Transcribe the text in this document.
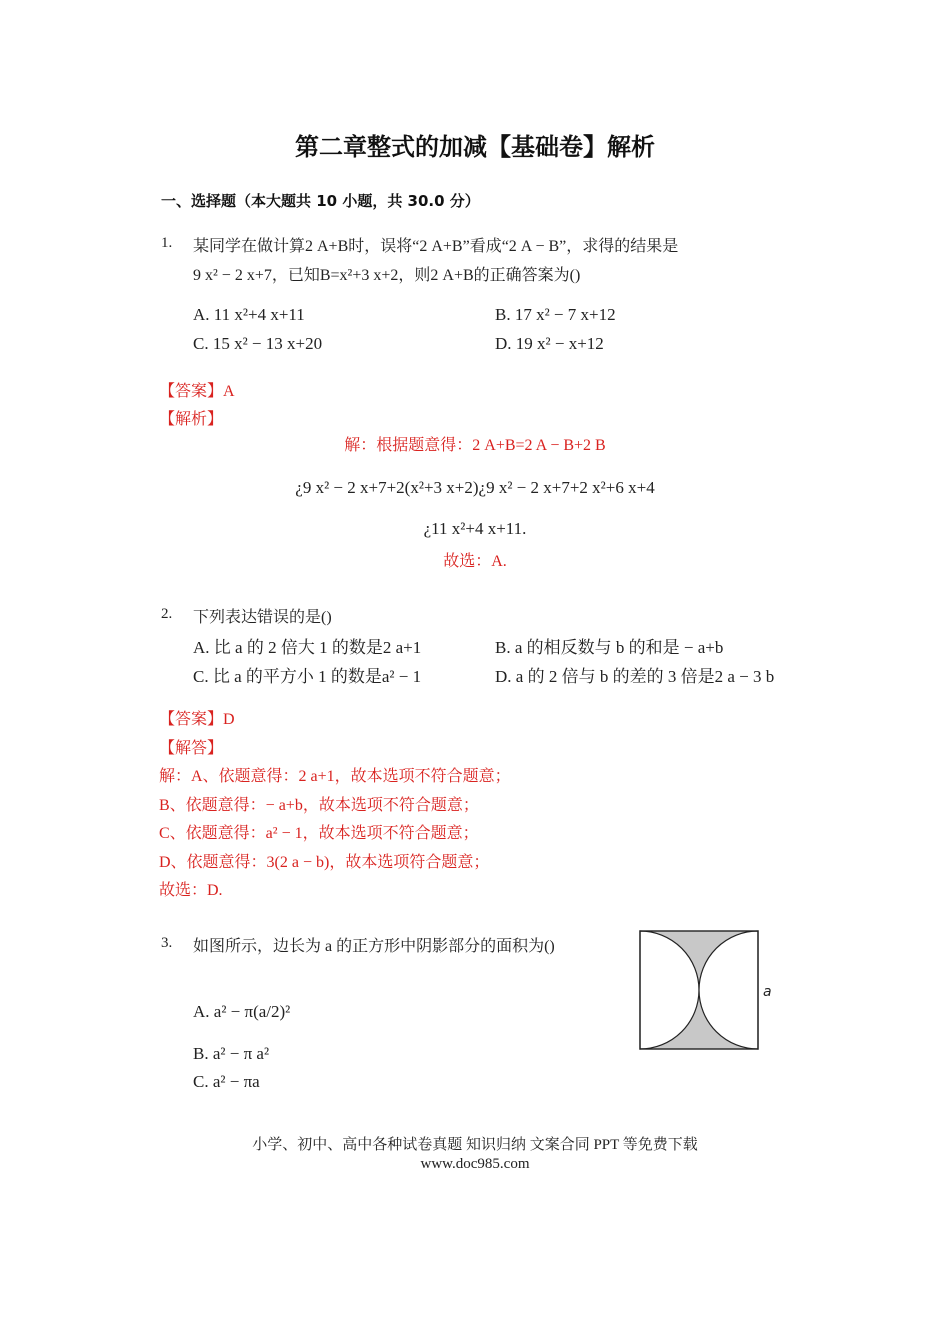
第二章整式的加减【基础卷】解析
一、选择题（本大题共 10 小题，共 30.0 分）
1. 某同学在做计算2 A+B时，误将“2 A+B”看成“2 A − B”，求得的结果是
9 x² − 2 x+7，已知B=x²+3 x+2，则2 A+B的正确答案为()
A. 11 x²+4 x+11	B. 17 x² − 7 x+12
C. 15 x² − 13 x+20	D. 19 x² − x+12
【答案】A
【解析】
解：根据题意得：2 A+B=2 A − B+2 B
¿9 x² − 2 x+7+2(x²+3 x+2)¿9 x² − 2 x+7+2 x²+6 x+4
¿11 x²+4 x+11.
故选：A.
2. 下列表达错误的是()
A. 比 a 的 2 倍大 1 的数是2 a+1	B. a 的相反数与 b 的和是 − a+b
C. 比 a 的平方小 1 的数是a² − 1	D. a 的 2 倍与 b 的差的 3 倍是2 a − 3 b
【答案】D
【解答】
解：A、依题意得：2 a+1，故本选项不符合题意；
B、依题意得：− a+b，故本选项不符合题意；
C、依题意得：a² − 1，故本选项不符合题意；
D、依题意得：3(2 a − b)，故本选项符合题意；
故选：D.
3. 如图所示，边长为 a 的正方形中阴影部分的面积为()
A. a² − π(a/2)²
B. a² − π a²
C. a² − πa
a
小学、初中、高中各种试卷真题 知识归纳 文案合同 PPT 等免费下载
www.doc985.com
